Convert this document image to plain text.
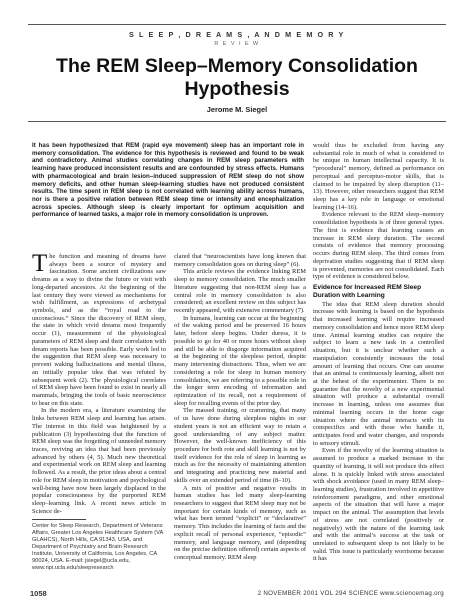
S L E E P , D R E A M S , A N D M E M O R Y
R E V I E W
The REM Sleep–Memory Consolidation
Hypothesis
Jerome M. Siegel
It has been hypothesized that REM (rapid eye movement) sleep has an important role in memory consolidation. The evidence for this hypothesis is reviewed and found to be weak and contradictory. Animal studies correlating changes in REM sleep parameters with learning have produced inconsistent results and are confounded by stress effects. Humans with pharmacological and brain lesion–induced suppression of REM sleep do not show memory deficits, and other human sleep-learning studies have not produced consistent results. The time spent in REM sleep is not correlated with learning ability across humans, nor is there a positive relation between REM sleep time or intensity and encephalization across species. Although sleep is clearly important for optimum acquisition and performance of learned tasks, a major role in memory consolidation is unproven.

The function and meaning of dreams have always been a source of mystery and fascination. Some ancient civilizations saw dreams as a way to divine the future or visit with long-departed ancestors. At the beginning of the last century they were viewed as mechanisms for wish fulfillment, as expressions of archetypal symbols, and as the “royal road to the unconscious.” Since the discovery of REM sleep, the state in which vivid dreams most frequently occur (1), measurement of the physiological parameters of REM sleep and their correlation with dream reports has been possible. Early work led to the suggestion that REM sleep was necessary to prevent waking hallucinations and mental illness, an initially popular idea that was refuted by subsequent work (2). The physiological correlates of REM sleep have been found to exist in nearly all mammals, bringing the tools of basic neuroscience to bear on this state.

In the modern era, a literature examining the links between REM sleep and learning has arisen. The interest in this field was heightened by a publication (3) hypothesizing that the function of REM sleep was the forgetting of unneeded memory traces, reviving an idea that had been previously advanced by others (4, 5). Much new theoretical and experimental work on REM sleep and learning followed. As a result, the prior ideas about a central role for REM sleep in motivation and psychological well-being have now been largely displaced in the popular consciousness by the purported REM sleep–learning link. A recent news article in Science de-

Center for Sleep Research, Department of Veterans Affairs, Greater Los Angeles Healthcare System (VA GLAHCS), North Hills, CA 91343, USA, and Department of Psychiatry and Brain Research Institute, University of California, Los Angeles, CA 90024, USA. E-mail: jsiegel@ucla.edu, www.npi.ucla.edu/sleepresearch

clared that “neuroscientists have long known that memory consolidation goes on during sleep” (6).

This article reviews the evidence linking REM sleep to memory consolidation. The much smaller literature suggesting that non-REM sleep has a central role in memory consolidation is also considered; an excellent review on this subject has recently appeared, with extensive commentary (7).

In humans, learning can occur at the beginning of the waking period and be preserved 16 hours later, before sleep begins. Under duress, it is possible to go for 40 or more hours without sleep and still be able to disgorge information acquired at the beginning of the sleepless period, despite many intervening distractions. Thus, when we are considering a role for sleep in human memory consolidation, we are referring to a possible role in the longer term encoding of information and optimization of its recall, not a requirement of sleep for recalling events of the prior day.

The massed training, or cramming, that many of us have done during sleepless nights in our student years is not an efficient way to retain a good understanding of any subject matter. However, the well-known inefficiency of this procedure for both rote and skill learning is not by itself evidence for the role of sleep in learning as much as for the necessity of maintaining attention and integrating and practicing new material and skills over an extended period of time (8–10).

A mix of positive and negative results in human studies has led many sleep-learning researchers to suggest that REM sleep may not be important for certain kinds of memory, such as what has been termed “explicit” or “declarative” memory. This includes the learning of facts and the explicit recall of personal experience, “episodic” memory, and language memory, and (depending on the precise definition offered) certain aspects of conceptual memory. REM sleep

would thus be excluded from having any substantial role in much of what is considered to be unique in human intellectual capacity. It is “procedural” memory, defined as performance on perceptual and perceptuo-motor skills, that is claimed to be impaired by sleep disruption (11–13). However, other researchers suggest that REM sleep has a key role in language or emotional learning (14–16).

Evidence relevant to the REM sleep–memory consolidation hypothesis is of three general types. The first is evidence that learning causes an increase in REM sleep duration. The second consists of evidence that memory processing occurs during REM sleep. The third comes from deprivation studies suggesting that if REM sleep is prevented, memories are not consolidated. Each type of evidence is considered below.

Evidence for Increased REM Sleep
Duration with Learning

The idea that REM sleep duration should increase with learning is based on the hypothesis that increased learning will require increased memory consolidation and hence more REM sleep time. Animal learning studies can require the subject to learn a new task in a controlled situation, but it is unclear whether such a manipulation consistently increases the total amount of learning that occurs. One can assume that an animal is continuously learning, albeit not at the behest of the experimenter. There is no guarantee that the novelty of a new experimental situation will produce a substantial overall increase in learning, unless one assumes that minimal learning occurs in the home cage situation where the animal interacts with its conspecifics and with those who handle it, anticipates food and water changes, and responds to sensory stimuli.

Even if the novelty of the learning situation is assumed to produce a marked increase in the quantity of learning, it will not produce this effect alone. It is quickly linked with stress associated with shock avoidance (used in many REM sleep–learning studies), frustration involved in appetitive reinforcement paradigms, and other emotional aspects of the situation that will have a major impact on the animal. The assumption that levels of stress are not correlated (positively or negatively) with the nature of the learning task and with the animal’s success at the task or unrelated to subsequent sleep is not likely to be valid. This issue is particularly worrisome because it has

1058	2 NOVEMBER 2001 VOL 294 SCIENCE www.sciencemag.org
